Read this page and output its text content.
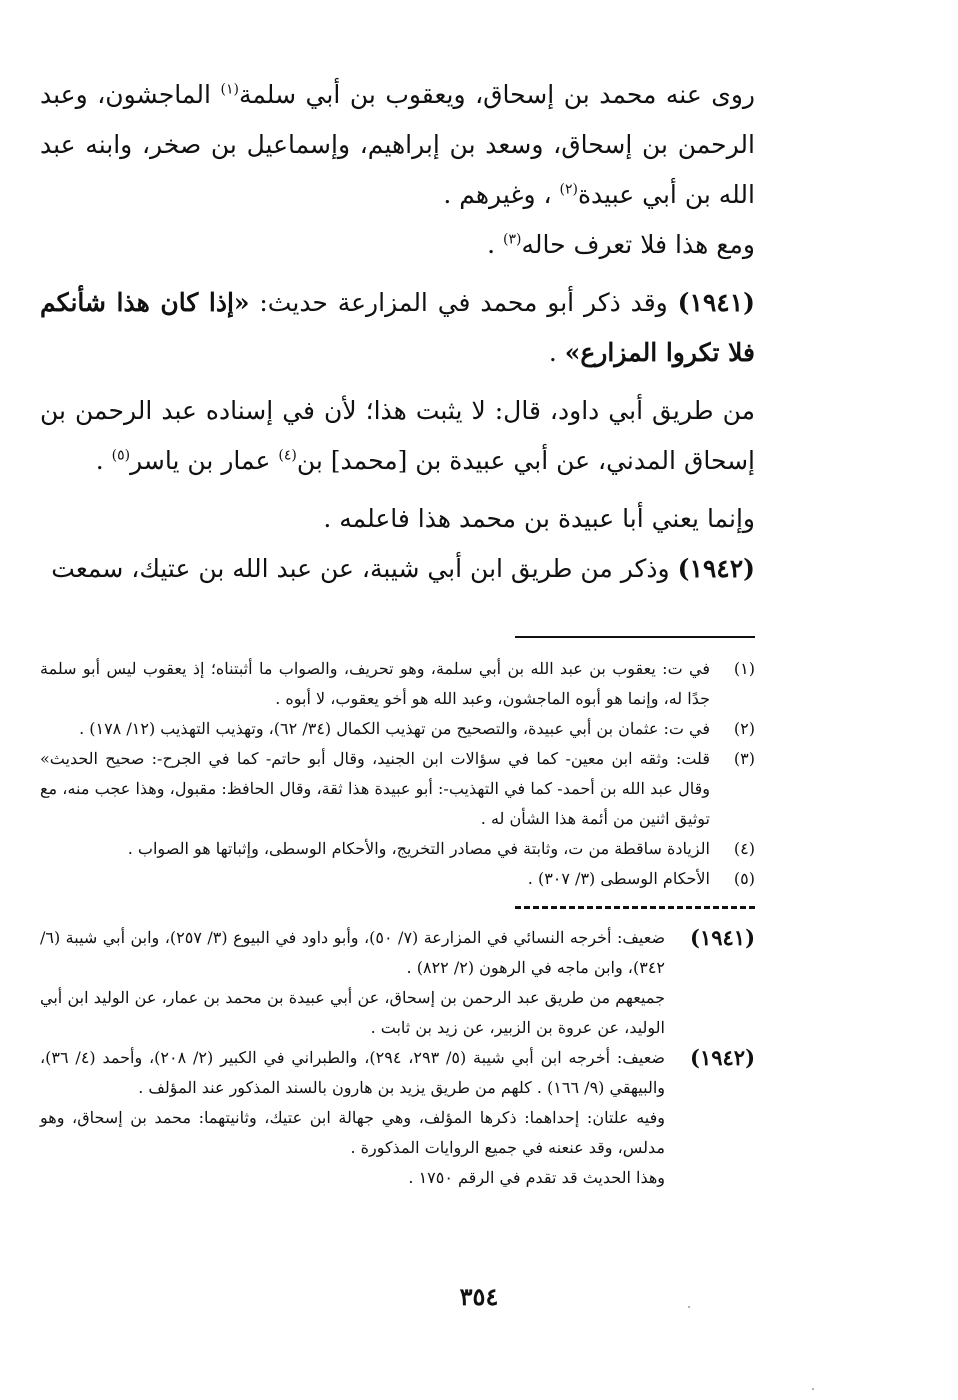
روى عنه محمد بن إسحاق، ويعقوب بن أبي سلمة$^{(١)}$ الماجشون، وعبد الرحمن بن إسحاق، وسعد بن إبراهيم، وإسماعيل بن صخر، وابنه عبد الله بن أبي عبيدة$^{(٢)}$ ، وغيرهم .

ومع هذا فلا تعرف حاله$^{(٣)}$ .

(١٩٤١) وقد ذكر أبو محمد في المزارعة حديث: «إذا كان هذا شأنكم فلا تكروا المزارع» .

من طريق أبي داود، قال: لا يثبت هذا؛ لأن في إسناده عبد الرحمن بن إسحاق المدني، عن أبي عبيدة بن [محمد] بن$^{(٤)}$ عمار بن ياسر$^{(٥)}$ .

وإنما يعني أبا عبيدة بن محمد هذا فاعلمه .

(١٩٤٢) وذكر من طريق ابن أبي شيبة، عن عبد الله بن عتيك، سمعت

(١)
في ت: يعقوب بن عبد الله بن أبي سلمة، وهو تحريف، والصواب ما أثبتناه؛ إذ يعقوب ليس أبو سلمة جدًا له، وإنما هو أبوه الماجشون، وعبد الله هو أخو يعقوب، لا أبوه .
(٢)
في ت: عثمان بن أبي عبيدة، والتصحيح من تهذيب الكمال (٣٤/ ٦٢)، وتهذيب التهذيب (١٢/ ١٧٨) .
(٣)
قلت: وثقه ابن معين- كما في سؤالات ابن الجنيد، وقال أبو حاتم- كما في الجرح-: صحيح الحديث» وقال عبد الله بن أحمد- كما في التهذيب-: أبو عبيدة هذا ثقة، وقال الحافظ: مقبول، وهذا عجب منه، مع توثيق اثنين من أئمة هذا الشأن له .
(٤)
الزيادة ساقطة من ت، وثابتة في مصادر التخريج، والأحكام الوسطى، وإثباتها هو الصواب .
(٥)
الأحكام الوسطى (٣/ ٣٠٧) .
(١٩٤١)
ضعيف: أخرجه النسائي في المزارعة (٧/ ٥٠)، وأبو داود في البيوع (٣/ ٢٥٧)، وابن أبي شيبة (٦/ ٣٤٢)، وابن ماجه في الرهون (٢/ ٨٢٢) .
جميعهم من طريق عبد الرحمن بن إسحاق، عن أبي عبيدة بن محمد بن عمار، عن الوليد ابن أبي الوليد، عن عروة بن الزبير، عن زيد بن ثابت .
(١٩٤٢)
ضعيف: أخرجه ابن أبي شيبة (٥/ ٢٩٣، ٢٩٤)، والطبراني في الكبير (٢/ ٢٠٨)، وأحمد (٤/ ٣٦)، والبيهقي (٩/ ١٦٦) . كلهم من طريق يزيد بن هارون بالسند المذكور عند المؤلف .
وفيه علتان: إحداهما: ذكرها المؤلف، وهي جهالة ابن عتيك، وثانيتهما: محمد بن إسحاق، وهو مدلس، وقد عنعنه في جميع الروايات المذكورة .
وهذا الحديث قد تقدم في الرقم ١٧٥٠ .
٣٥٤
